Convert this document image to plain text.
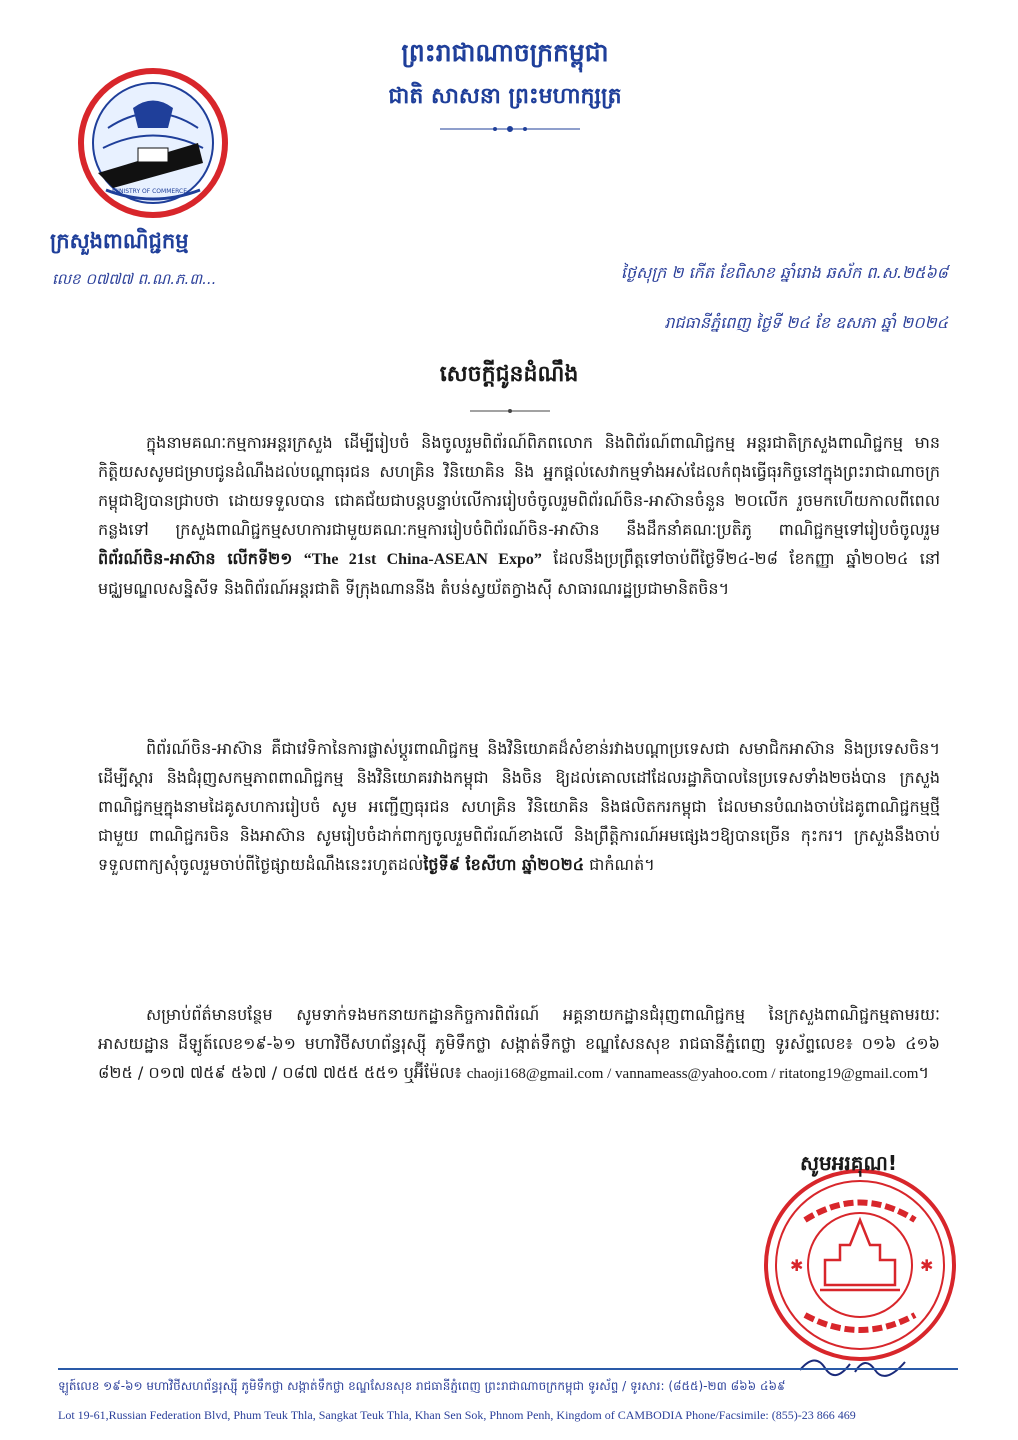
ព្រះរាជាណាចក្រកម្ពុជា
ជាតិ សាសនា ព្រះមហាក្សត្រ
MINISTRY OF COMMERCE
ក្រសួងពាណិជ្ជកម្ម
លេខ ០៧៧៧ ព.ណ.ភ.៣...	ថ្ងៃសុក្រ ២ កើត ខែពិសាខ ឆ្នាំរោង ឆស័ក ព.ស.២៥៦៨
រាជធានីភ្នំពេញ ថ្ងៃទី ២៤ ខែ ឧសភា ឆ្នាំ ២០២៤
សេចក្តីជូនដំណឹង
ក្នុងនាមគណៈកម្មការអន្តរក្រសួង ដើម្បីរៀបចំ និងចូលរួមពិព័រណ៍ពិភពលោក និងពិព័រណ៍ពាណិជ្ជកម្ម អន្តរជាតិក្រសួងពាណិជ្ជកម្ម មានកិត្តិយសសូមជម្រាបជូនដំណឹងដល់បណ្តាធុរជន សហគ្រិន វិនិយោគិន និង អ្នកផ្តល់សេវាកម្មទាំងអស់ដែលកំពុងធ្វើធុរកិច្ចនៅក្នុងព្រះរាជាណាចក្រកម្ពុជាឱ្យបានជ្រាបថា ដោយទទួលបាន ជោគជ័យជាបន្តបន្ទាប់លើការរៀបចំចូលរួមពិព័រណ៍ចិន-អាស៊ានចំនួន ២០លើក រួចមកហើយកាលពីពេល កន្លងទៅ ក្រសួងពាណិជ្ជកម្មសហការជាមួយគណៈកម្មការរៀបចំពិព័រណ៍ចិន-អាស៊ាន នឹងដឹកនាំគណៈប្រតិភូ ពាណិជ្ជកម្មទៅរៀបចំចូលរួម ពិព័រណ៍ចិន-អាស៊ាន លើកទី២១ “The 21st China-ASEAN Expo” ដែលនឹងប្រព្រឹត្តទៅចាប់ពីថ្ងៃទី២៤-២៨ ខែកញ្ញា ឆ្នាំ២០២៤ នៅមជ្ឈមណ្ឌលសន្និសីទ និងពិព័រណ៍អន្តរជាតិ ទីក្រុងណាននីង តំបន់ស្វយ័តក្វាងស៊ី សាធារណរដ្ឋប្រជាមានិតចិន។
ពិព័រណ៍ចិន-អាស៊ាន គឺជាវេទិកានៃការផ្លាស់ប្តូរពាណិជ្ជកម្ម និងវិនិយោគដ៏សំខាន់រវាងបណ្តាប្រទេសជា សមាជិកអាស៊ាន និងប្រទេសចិន។ ដើម្បីស្តារ និងជំរុញសកម្មភាពពាណិជ្ជកម្ម និងវិនិយោគរវាងកម្ពុជា និងចិន ឱ្យដល់គោលដៅដែលរដ្ឋាភិបាលនៃប្រទេសទាំង២ចង់បាន ក្រសួងពាណិជ្ជកម្មក្នុងនាមដៃគូសហការរៀបចំ សូម អញ្ជើញធុរជន សហគ្រិន វិនិយោគិន និងផលិតករកម្ពុជា ដែលមានបំណងចាប់ដៃគូពាណិជ្ជកម្មថ្មីជាមួយ ពាណិជ្ជករចិន និងអាស៊ាន សូមរៀបចំដាក់ពាក្យចូលរួមពិព័រណ៍ខាងលើ និងព្រឹត្តិការណ៍អមផ្សេងៗឱ្យបានច្រើន កុះករ។ ក្រសួងនឹងចាប់ទទួលពាក្យសុំចូលរួមចាប់ពីថ្ងៃផ្សាយដំណឹងនេះរហូតដល់ថ្ងៃទី៩ ខែសីហា ឆ្នាំ២០២៤ ជាកំណត់។
សម្រាប់ព័ត៌មានបន្ថែម សូមទាក់ទងមកនាយកដ្ឋានកិច្ចការពិព័រណ៍ អគ្គនាយកដ្ឋានជំរុញពាណិជ្ជកម្ម នៃក្រសួងពាណិជ្ជកម្មតាមរយៈអាសយដ្ឋាន ដីឡូត៍លេខ១៩-៦១ មហាវិថីសហព័ន្ធរុស្ស៊ី ភូមិទឹកថ្លា សង្កាត់ទឹកថ្លា ខណ្ឌសែនសុខ រាជធានីភ្នំពេញ ទូរស័ព្ទលេខ៖ ០១៦ ៤១៦ ៨២៥ / ០១៧ ៧៥៩ ៥៦៧ / ០៨៧ ៧៥៥ ៥៥១ ឬអ៊ីម៉ែល៖ chaoji168@gmail.com / vannameass@yahoo.com / ritatong19@gmail.com។
✱	✱
សូមអរគុណ!
ឡូត៍លេខ ១៩-៦១ មហាវិថីសហព័ន្ធរុស្ស៊ី ភូមិទឹកថ្លា សង្កាត់ទឹកថ្លា ខណ្ឌសែនសុខ រាជធានីភ្នំពេញ ព្រះរាជាណាចក្រកម្ពុជា ទូរស័ព្ទ / ទូរសារ: (៨៥៥)-២៣ ៨៦៦ ៤៦៩
Lot 19-61,Russian Federation Blvd, Phum Teuk Thla, Sangkat Teuk Thla, Khan Sen Sok, Phnom Penh, Kingdom of CAMBODIA Phone/Facsimile: (855)-23 866 469
